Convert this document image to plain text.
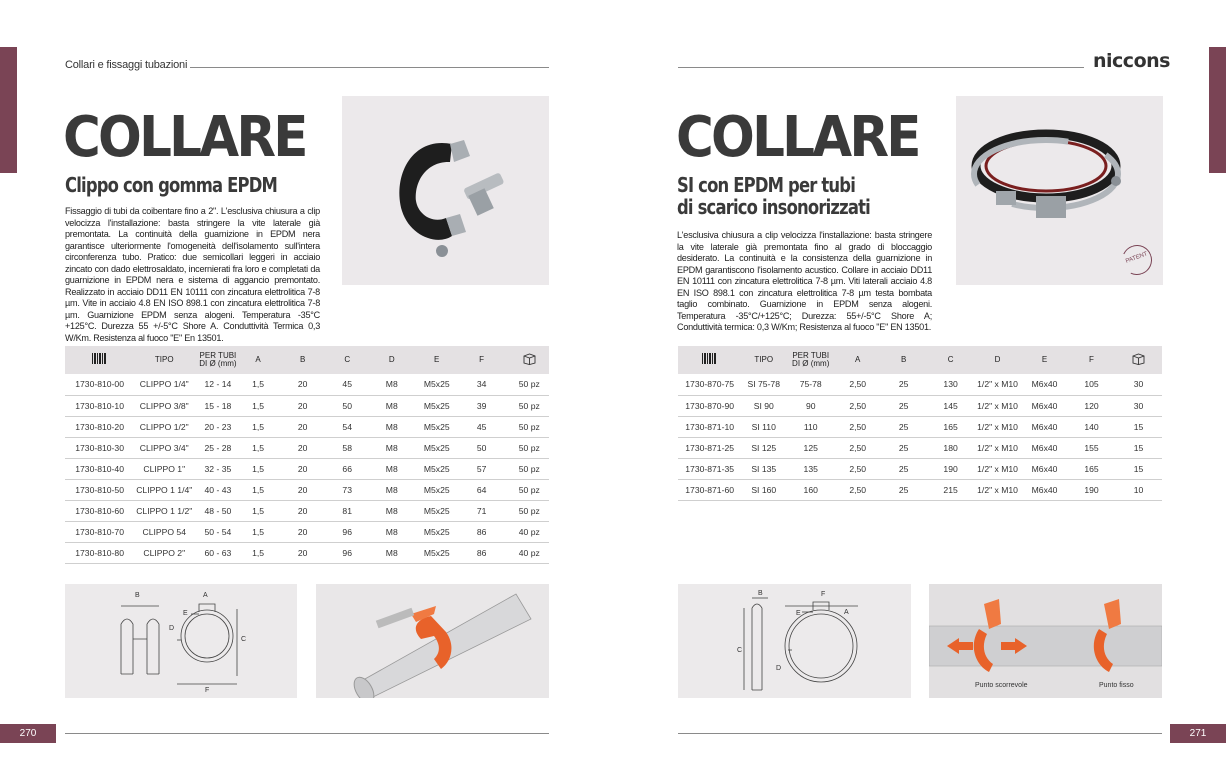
Collari e fissaggi tubazioni
COLLARE
Clippo con gomma EPDM
Fissaggio di tubi da coibentare fino a 2". L'esclusiva chiusura a clip velocizza l'installazione: basta stringere la vite laterale già premontata. La continuità della guarnizione in EPDM nera garantisce ulteriormente l'omogeneità dell'isolamento sull'intera circonferenza tubo. Pratico: due semicollari leggeri in acciaio zincato con dado elettrosaldato, incernierati fra loro e completati da guarnizione in EPDM nera e sistema di aggancio premontato. Realizzato in acciaio DD11 EN 10111 con zincatura elettrolitica 7-8 µm. Vite in acciaio 4.8 EN ISO 898.1 con zincatura elettrolitica 7-8 µm. Guarnizione EPDM senza alogeni. Temperatura -35°C +125°C. Durezza 55 +/-5°C Shore A. Conduttività Termica 0,3 W/Km. Resistenza al fuoco "E" En 13501.
	TIPO	PER TUBI
DI Ø (mm)	A	B	C	D	E	F	
1730-810-00	CLIPPO 1/4"	12 - 14	1,5	20	45	M8	M5x25	34	50 pz
1730-810-10	CLIPPO 3/8"	15 - 18	1,5	20	50	M8	M5x25	39	50 pz
1730-810-20	CLIPPO 1/2"	20 - 23	1,5	20	54	M8	M5x25	45	50 pz
1730-810-30	CLIPPO 3/4"	25 - 28	1,5	20	58	M8	M5x25	50	50 pz
1730-810-40	CLIPPO 1"	32 - 35	1,5	20	66	M8	M5x25	57	50 pz
1730-810-50	CLIPPO 1 1/4"	40 - 43	1,5	20	73	M8	M5x25	64	50 pz
1730-810-60	CLIPPO 1 1/2"	48 - 50	1,5	20	81	M8	M5x25	71	50 pz
1730-810-70	CLIPPO 54	50 - 54	1,5	20	96	M8	M5x25	86	40 pz
1730-810-80	CLIPPO 2"	60 - 63	1,5	20	96	M8	M5x25	86	40 pz
B	A
C
D
E
F
270
niccons
COLLARE
SI con EPDM per tubi
di scarico insonorizzati
L'esclusiva chiusura a clip velocizza l'installazione: basta stringere la vite laterale già premontata fino al grado di bloccaggio desiderato. La continuità e la consistenza della guarnizione in EPDM garantiscono l'isolamento acustico. Collare in acciaio DD11 EN 10111 con zincatura elettrolitica 7-8 µm. Viti laterali acciaio 4.8 EN ISO 898.1 con zincatura elettrolitica 7-8 µm testa bombata taglio combinato. Guarnizione in EPDM senza alogeni. Temperatura -35°C/+125°C; Durezza: 55+/-5°C Shore A; Conduttività termica: 0,3 W/Km; Resistenza al fuoco "E" EN 13501.
PATENT
	TIPO	PER TUBI
DI Ø (mm)	A	B	C	D	E	F	
1730-870-75	SI 75-78	75-78	2,50	25	130	1/2" x M10	M6x40	105	30
1730-870-90	SI 90	90	2,50	25	145	1/2" x M10	M6x40	120	30
1730-871-10	SI 110	110	2,50	25	165	1/2" x M10	M6x40	140	15
1730-871-25	SI 125	125	2,50	25	180	1/2" x M10	M6x40	155	15
1730-871-35	SI 135	135	2,50	25	190	1/2" x M10	M6x40	165	15
1730-871-60	SI 160	160	2,50	25	215	1/2" x M10	M6x40	190	10
B	F
A
C
D
E
Punto scorrevole	Punto fisso
271
